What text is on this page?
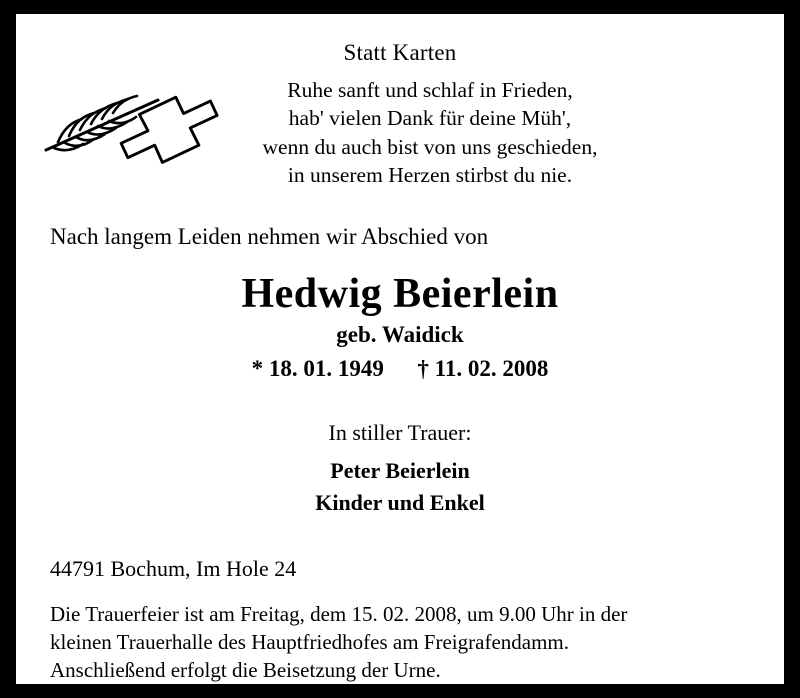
Statt Karten
Ruhe sanft und schlaf in Frieden,
hab' vielen Dank für deine Müh',
wenn du auch bist von uns geschieden,
in unserem Herzen stirbst du nie.
Nach langem Leiden nehmen wir Abschied von
Hedwig Beierlein
geb. Waidick
* 18. 01. 1949 † 11. 02. 2008
In stiller Trauer:
Peter Beierlein
Kinder und Enkel
44791 Bochum, Im Hole 24
Die Trauerfeier ist am Freitag, dem 15. 02. 2008, um 9.00 Uhr in der
kleinen Trauerhalle des Hauptfriedhofes am Freigrafendamm.
Anschließend erfolgt die Beisetzung der Urne.
